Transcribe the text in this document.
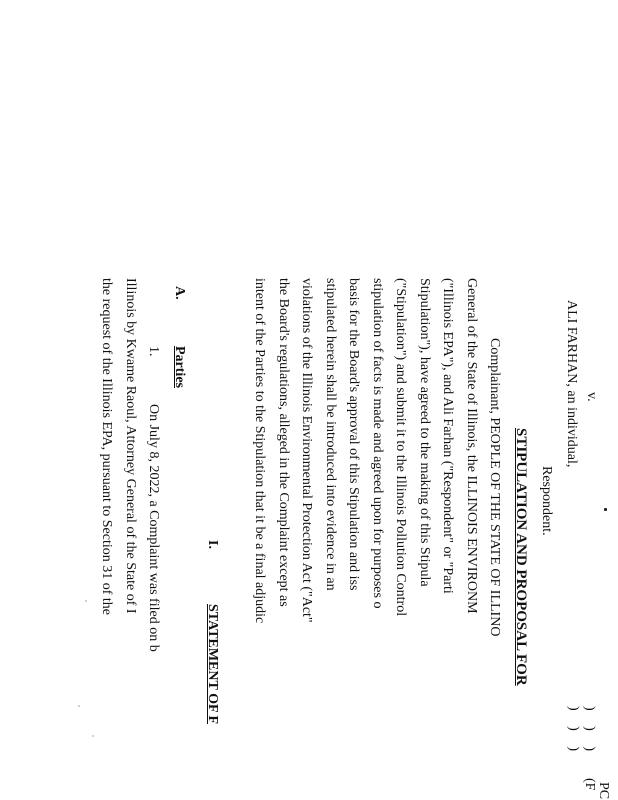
PC
(F
) ) )
) ) )
v.
ALI FARHAN, an individual,
Respondent.
STIPULATION AND PROPOSAL FOR
Complainant, PEOPLE OF THE STATE OF ILLINO
General of the State of Illinois, the ILLINOIS ENVIRONM
("Illinois EPA"), and Ali Farhan ("Respondent" or "Parti
Stipulation"), have agreed to the making of this Stipula
("Stipulation") and submit it to the Illinois Pollution Control
stipulation of facts is made and agreed upon for purposes o
basis for the Board's approval of this Stipulation and iss
stipulated herein shall be introduced into evidence in an
violations of the Illinois Environmental Protection Act ("Act"
the Board's regulations, alleged in the Complaint except as
intent of the Parties to the Stipulation that it be a final adjudic
I.
STATEMENT OF F
A.
Parties
1.
On July 8, 2022, a Complaint was filed on b
Illinois by Kwame Raoul, Attorney General of the State of I
the request of the Illinois EPA, pursuant to Section 31 of the
